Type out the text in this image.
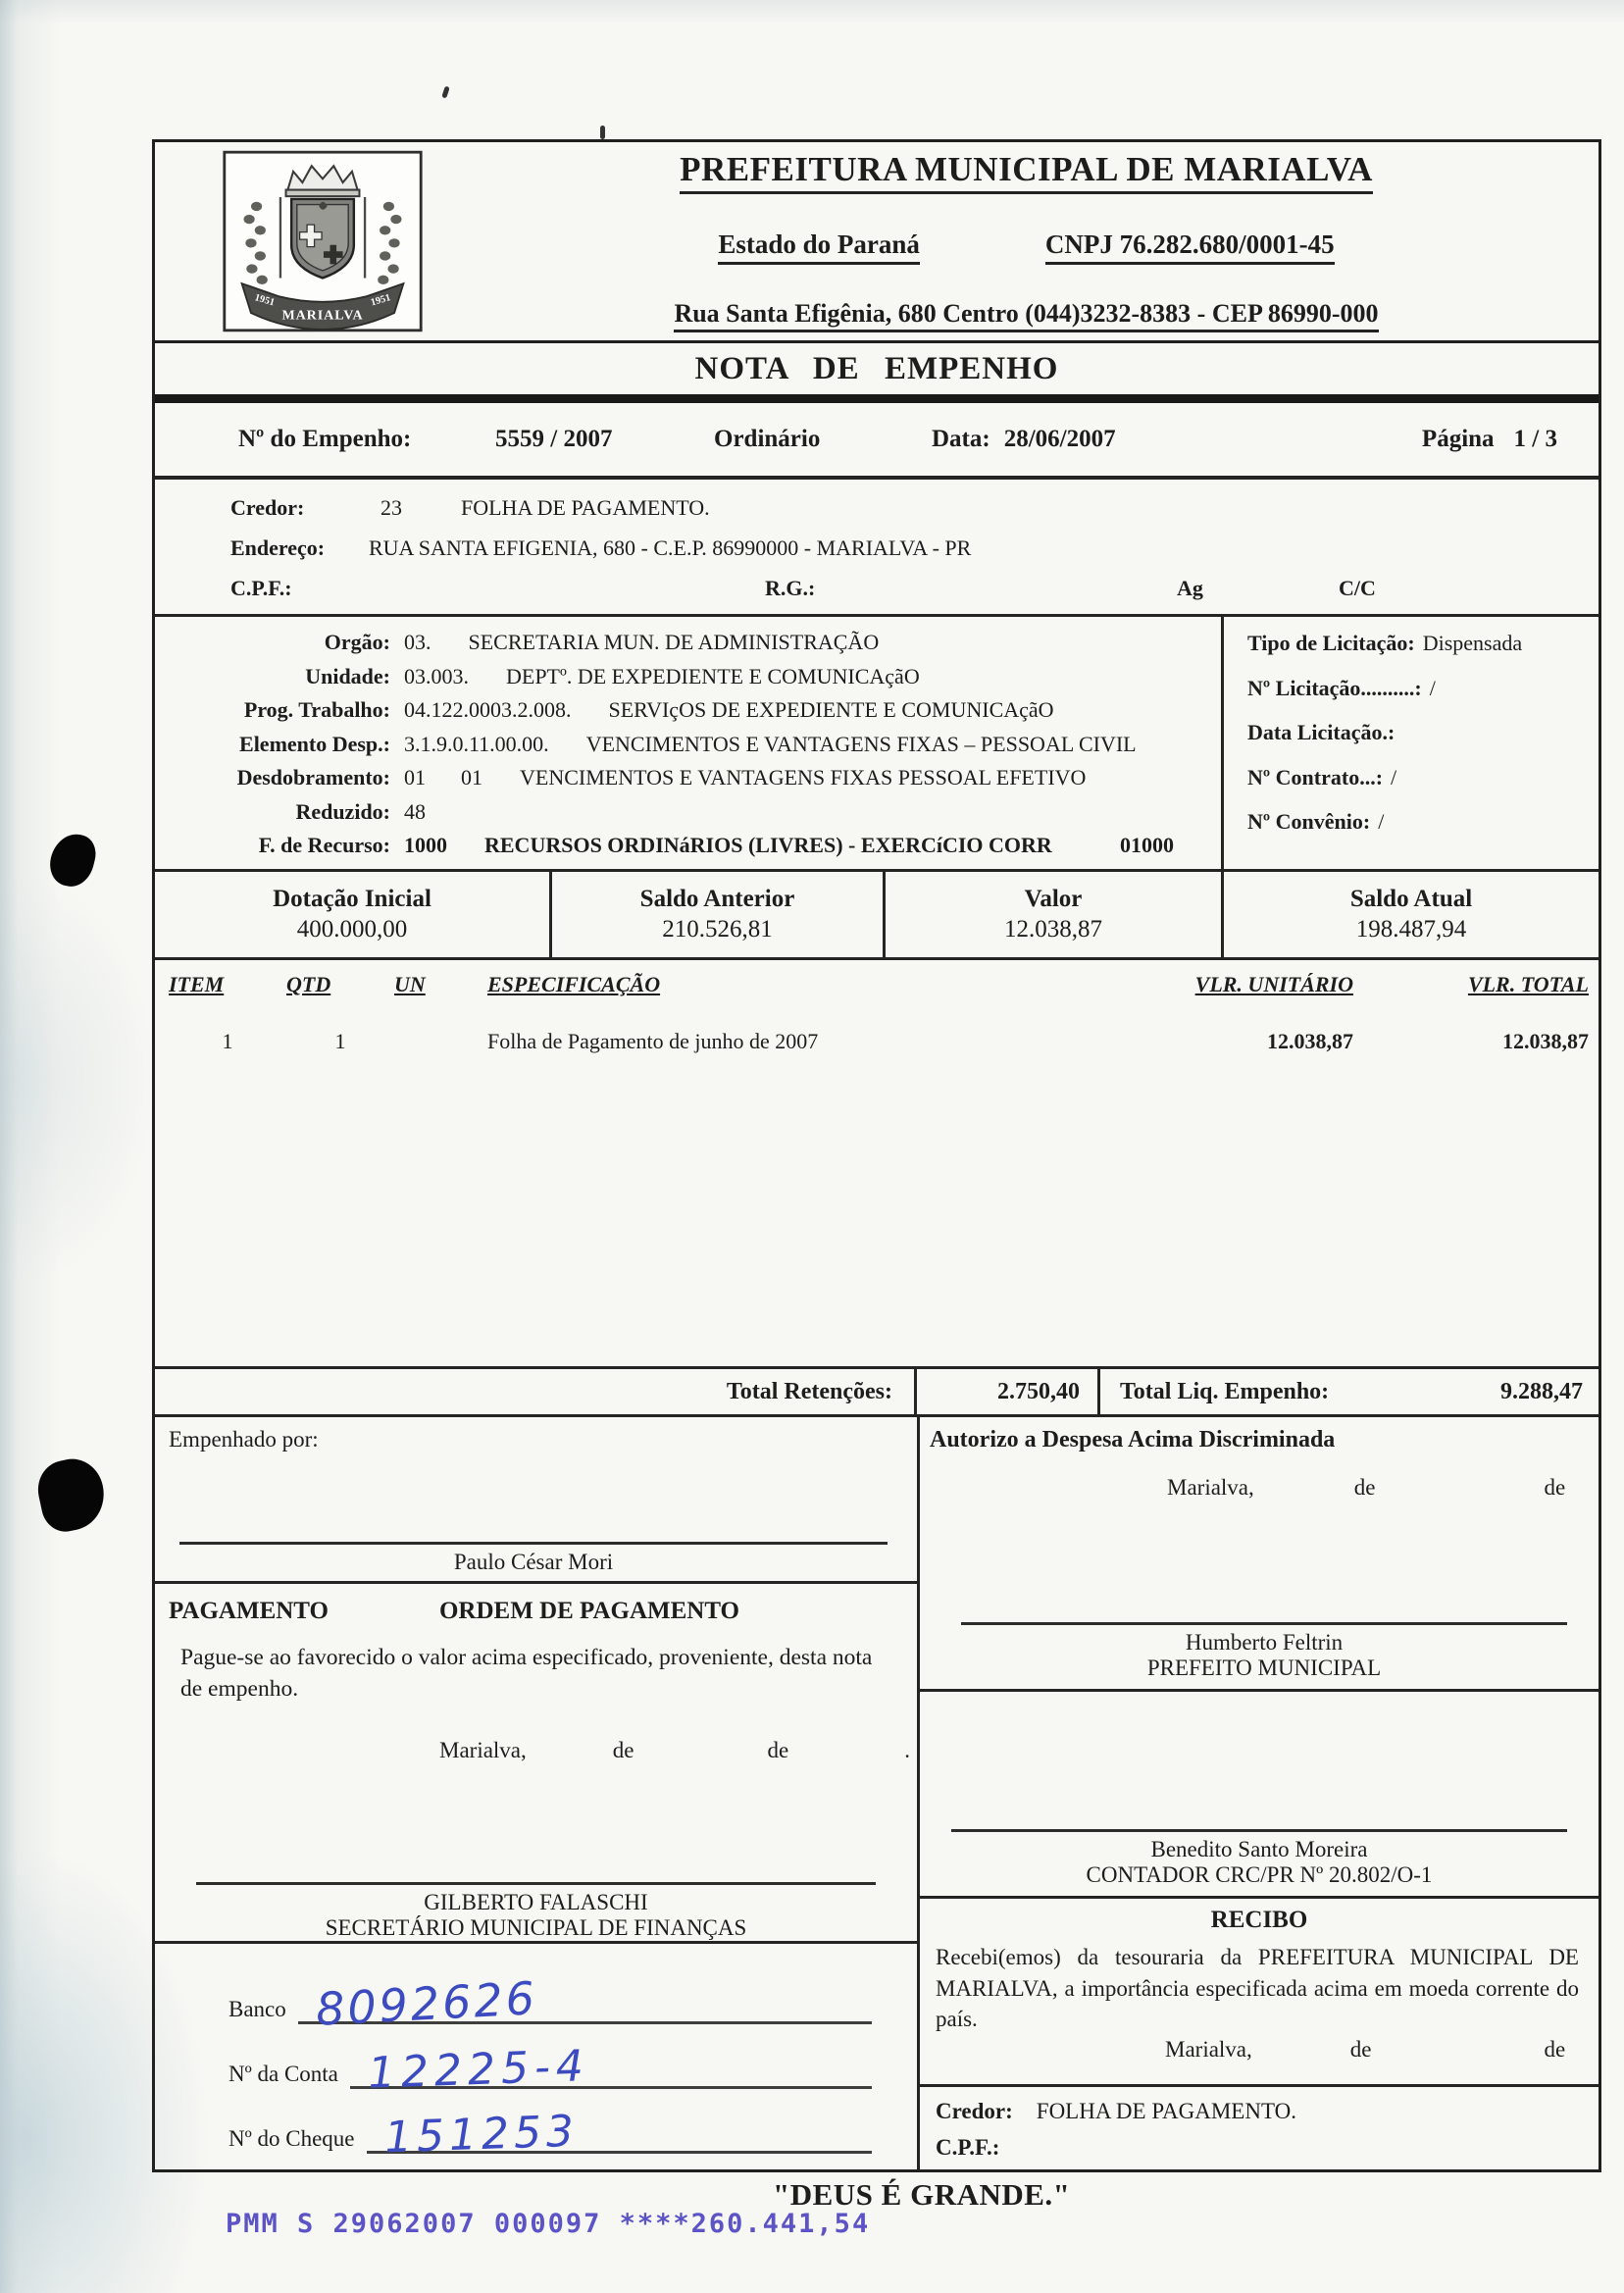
MARIALVA
1951	1951
PREFEITURA MUNICIPAL DE MARIALVA
Estado do Paraná	CNPJ 76.282.680/0001-45
Rua Santa Efigênia, 680 Centro (044)3232-8383 - CEP 86990-000
NOTA DE EMPENHO
Nº do Empenho:	5559 / 2007	Ordinário	Data: 28/06/2007	Página 1 / 3
Credor:	23	FOLHA DE PAGAMENTO.
Endereço:	RUA SANTA EFIGENIA, 680 - C.E.P. 86990000 - MARIALVA - PR
C.P.F.:	R.G.:	Ag	C/C
Orgão: 03. SECRETARIA MUN. DE ADMINISTRAÇÃO
Unidade: 03.003. DEPTº. DE EXPEDIENTE E COMUNICAçãO
Prog. Trabalho: 04.122.0003.2.008. SERVIçOS DE EXPEDIENTE E COMUNICAçãO
Elemento Desp.: 3.1.9.0.11.00.00. VENCIMENTOS E VANTAGENS FIXAS – PESSOAL CIVIL
Desdobramento: 01 01 VENCIMENTOS E VANTAGENS FIXAS PESSOAL EFETIVO
Reduzido: 48
F. de Recurso: 1000 RECURSOS ORDINáRIOS (LIVRES) - EXERCíCIO CORR	01000
Tipo de Licitação: Dispensada
Nº Licitação..........: /
Data Licitação.:
Nº Contrato...: /
Nº Convênio: /
Dotação Inicial
400.000,00
Saldo Anterior
210.526,81
Valor
12.038,87
Saldo Atual
198.487,94
ITEM	QTD	UN	ESPECIFICAÇÃO	VLR. UNITÁRIO	VLR. TOTAL
1	1	Folha de Pagamento de junho de 2007	12.038,87	12.038,87
Total Retenções:	2.750,40	Total Liq. Empenho:	9.288,47
Empenhado por:
Paulo César Mori
PAGAMENTO	ORDEM DE PAGAMENTO
Pague-se ao favorecido o valor acima especificado, proveniente, desta nota de empenho.
Marialva,	de	de	.
GILBERTO FALASCHI
SECRETÁRIO MUNICIPAL DE FINANÇAS
Banco 8092626
Nº da Conta 12225-4
Nº do Cheque 151253
Autorizo a Despesa Acima Discriminada
Marialva,	de	de
Humberto Feltrin
PREFEITO MUNICIPAL
Benedito Santo Moreira
CONTADOR CRC/PR Nº 20.802/O-1
RECIBO
Recebi(emos) da tesouraria da PREFEITURA MUNICIPAL DE MARIALVA, a importância especificada acima em moeda corrente do país.
Marialva,	de	de
Credor: FOLHA DE PAGAMENTO.
C.P.F.:
"DEUS É GRANDE."
PMM S 29062007 000097 ****260.441,54
